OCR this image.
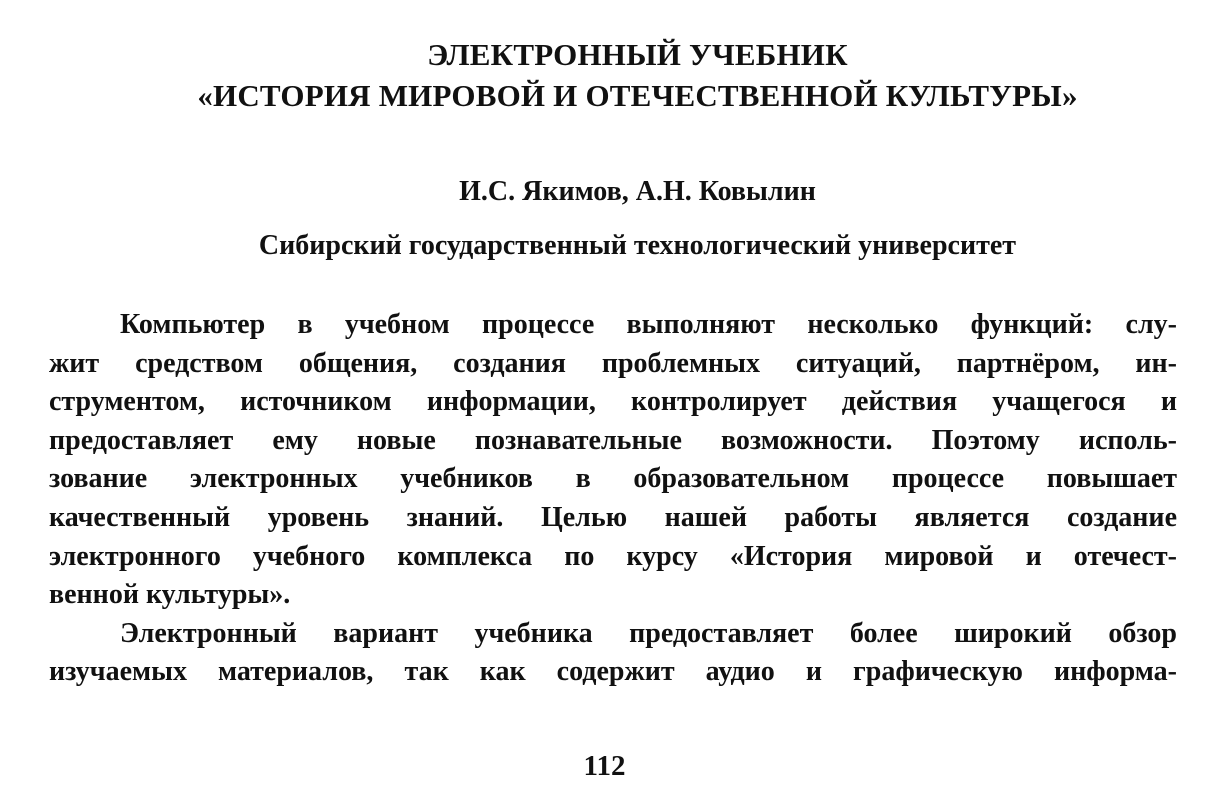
ЭЛЕКТРОННЫЙ УЧЕБНИК
«ИСТОРИЯ МИРОВОЙ И ОТЕЧЕСТВЕННОЙ КУЛЬТУРЫ»
И.С. Якимов, А.Н. Ковылин
Сибирский государственный технологический университет
Компьютер в учебном процессе выполняют несколько функций: слу-
жит средством общения, создания проблемных ситуаций, партнёром, ин-
струментом, источником информации, контролирует действия учащегося и
предоставляет ему новые познавательные возможности. Поэтому исполь-
зование электронных учебников в образовательном процессе повышает
качественный уровень знаний. Целью нашей работы является создание
электронного учебного комплекса по курсу «История мировой и отечест-
венной культуры».
Электронный вариант учебника предоставляет более широкий обзор
изучаемых материалов, так как содержит аудио и графическую информа-
112
